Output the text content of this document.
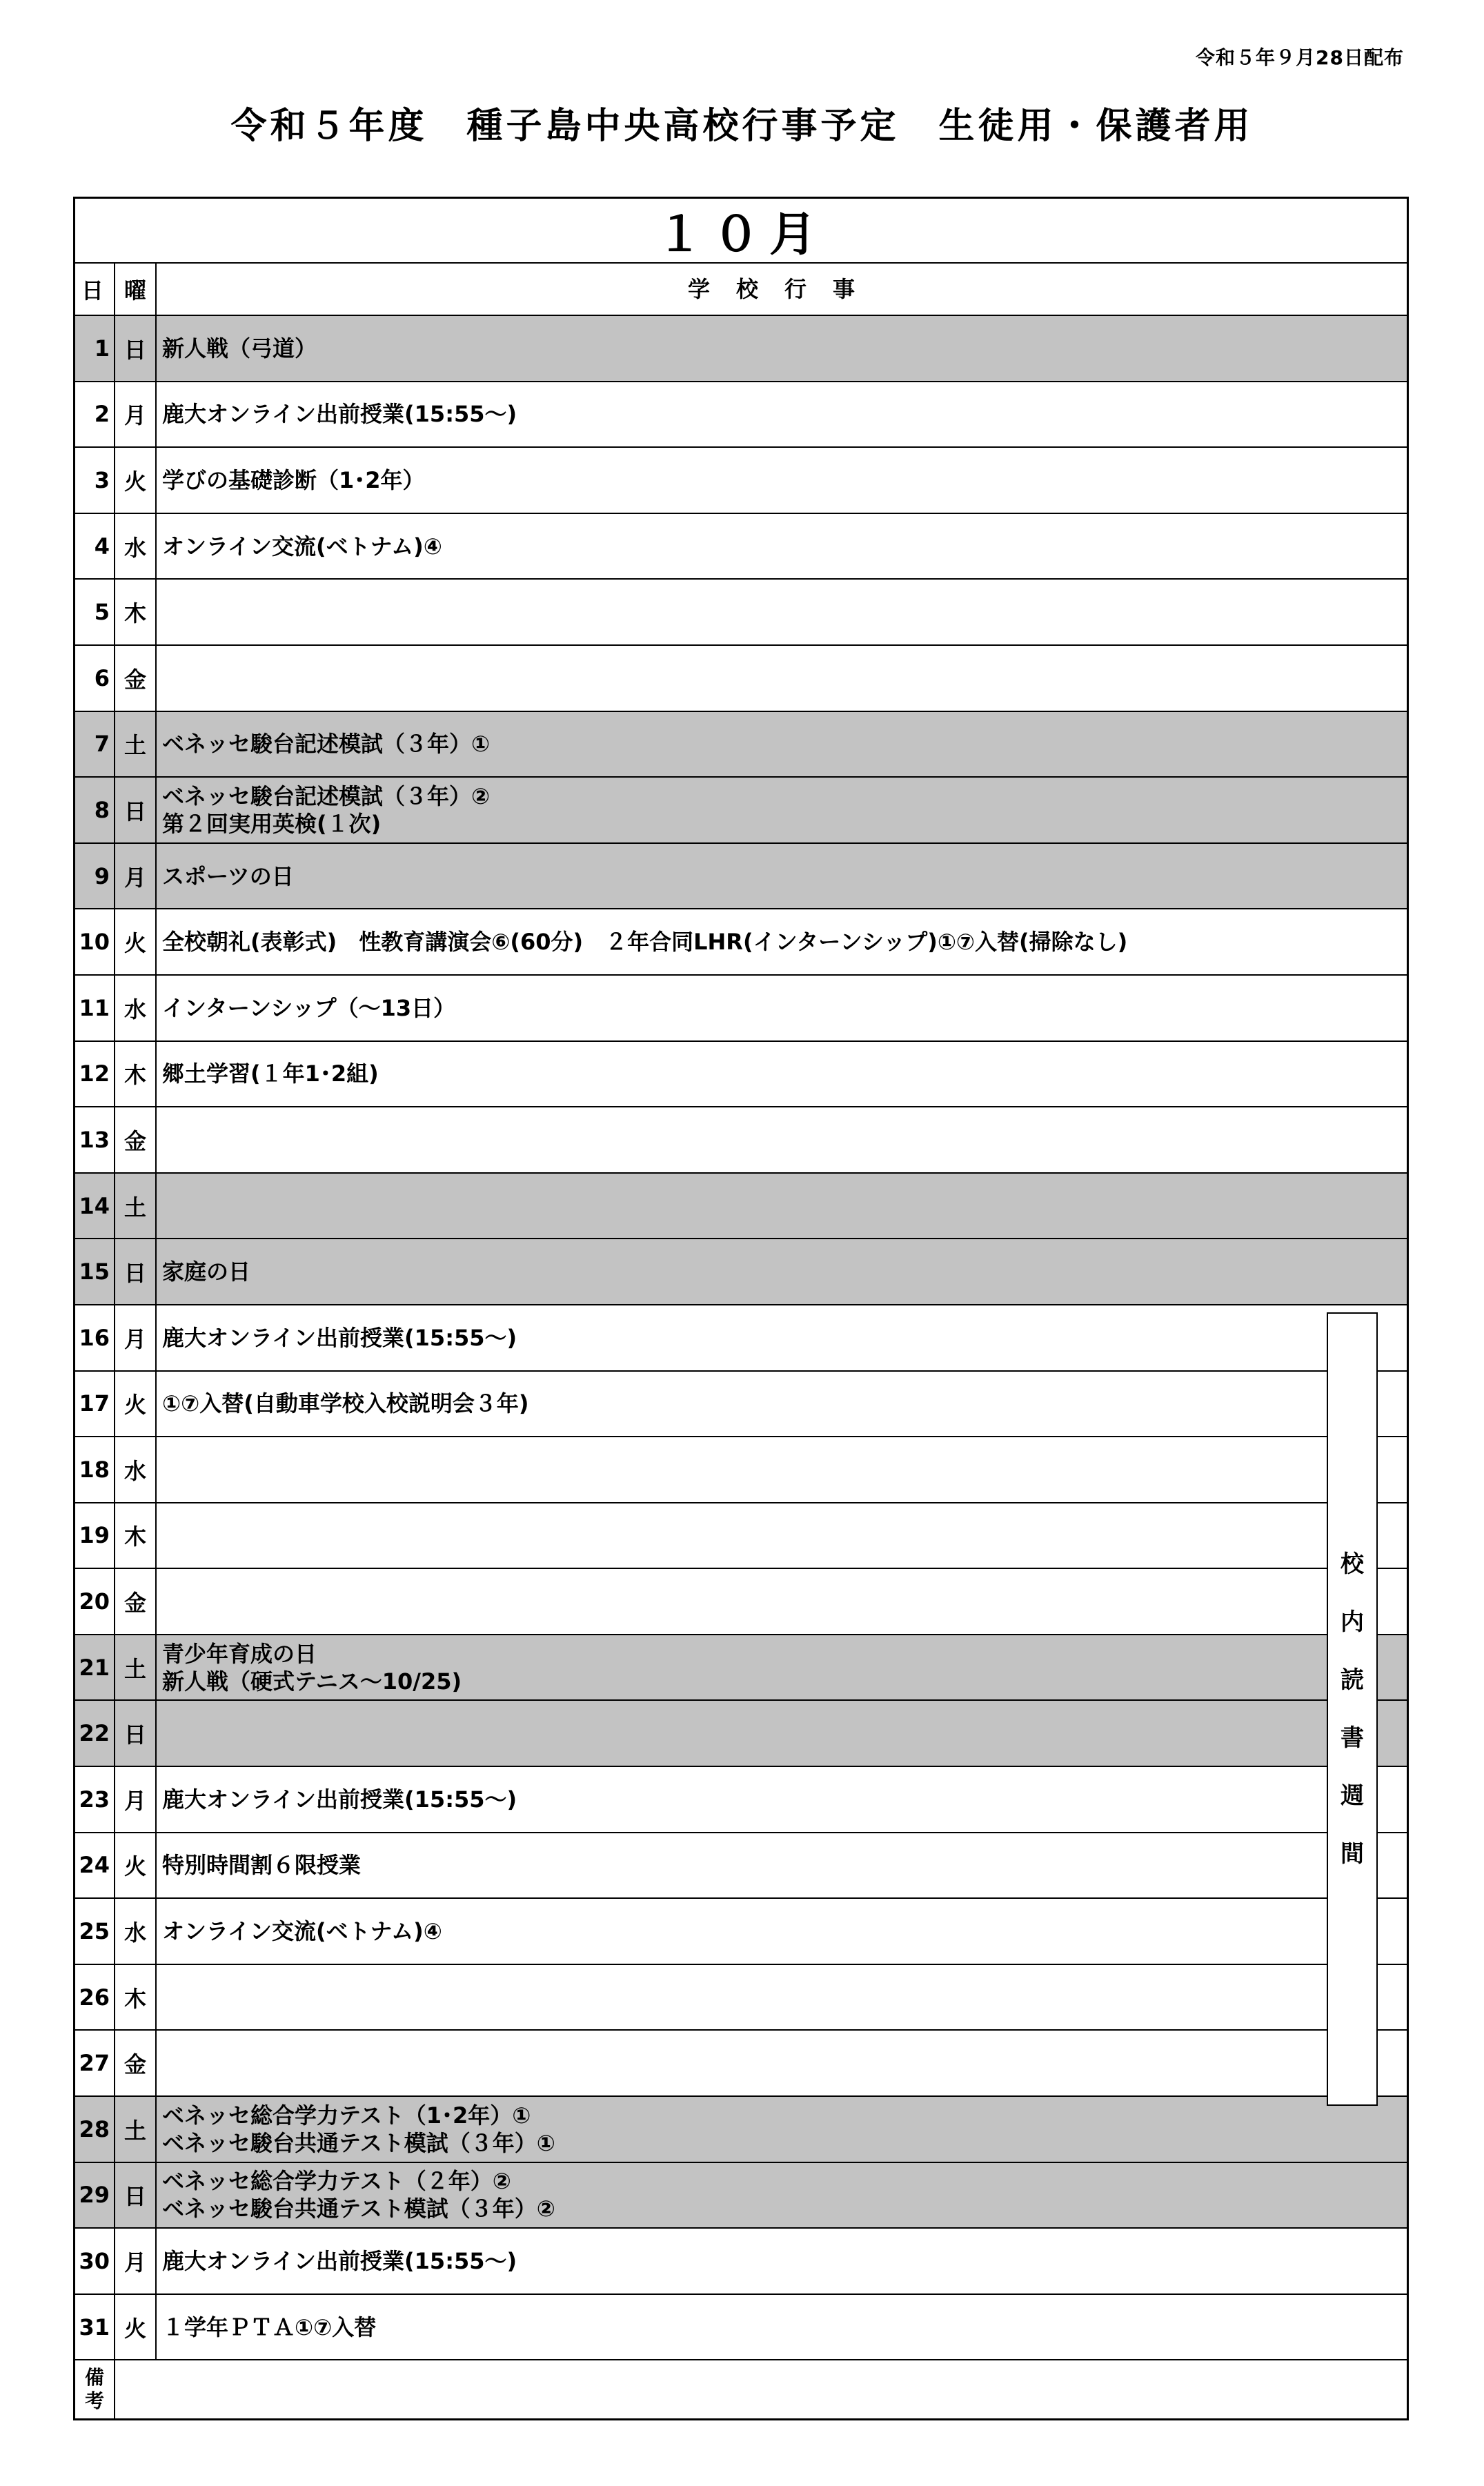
令和５年９月28日配布
令和５年度　種子島中央高校行事予定　生徒用・保護者用
１０月
日 曜	学校行事
1 日 新人戦（弓道）
2 月 鹿大オンライン出前授業(15:55～)
3 火 学びの基礎診断（1･2年）
4 水 オンライン交流(ベトナム)④
5 木
6 金
7 土 ベネッセ駿台記述模試（３年）①
8 日
ベネッセ駿台記述模試（３年）②
第２回実用英検(１次)
9 月 スポーツの日
10 火 全校朝礼(表彰式)　性教育講演会⑥(60分)　２年合同LHR(インターンシップ)①⑦入替(掃除なし)
11 水 インターンシップ（～13日）
12 木 郷土学習(１年1･2組)
13 金
14 土
15 日 家庭の日
16 月 鹿大オンライン出前授業(15:55～)
17 火 ①⑦入替(自動車学校入校説明会３年)
18 水
19 木
20 金
21 土
青少年育成の日
新人戦（硬式テニス～10/25)
22 日
23 月 鹿大オンライン出前授業(15:55～)
24 火 特別時間割６限授業
25 水 オンライン交流(ベトナム)④
26 木
27 金
28 土
ベネッセ総合学力テスト（1･2年）①
ベネッセ駿台共通テスト模試（３年）①
29 日
ベネッセ総合学力テスト（２年）②
ベネッセ駿台共通テスト模試（３年）②
30 月 鹿大オンライン出前授業(15:55～)
31 火 １学年ＰＴＡ①⑦入替
備
考
校
内
読
書
週
間
